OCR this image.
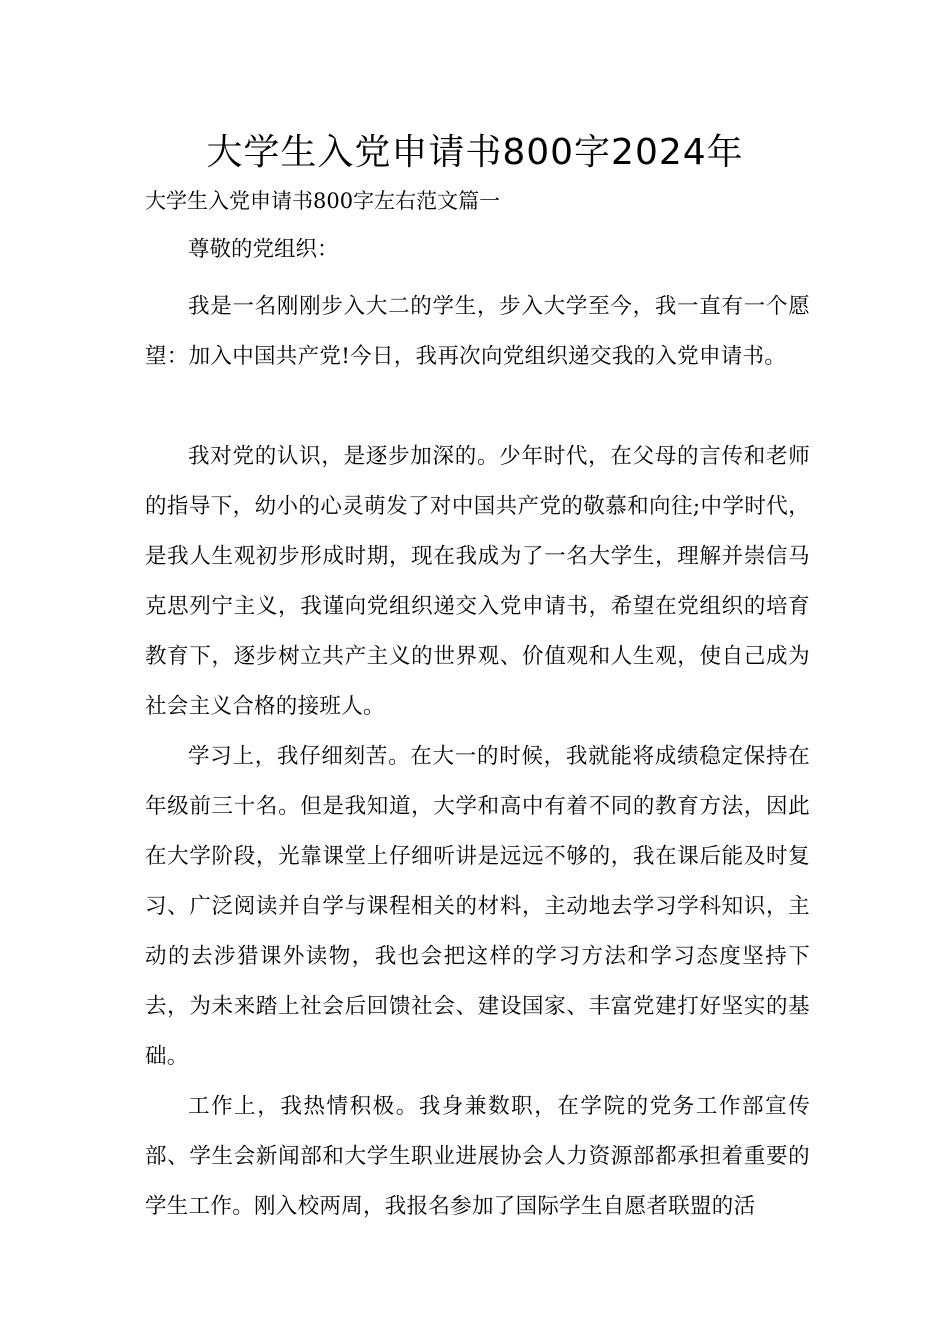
大学生入党申请书800字2024年

大学生入党申请书800字左右范文篇一

尊敬的党组织：

我是一名刚刚步入大二的学生，步入大学至今，我一直有一个愿望：加入中国共产党!今日，我再次向党组织递交我的入党申请书。

我对党的认识，是逐步加深的。少年时代，在父母的言传和老师的指导下，幼小的心灵萌发了对中国共产党的敬慕和向往;中学时代，是我人生观初步形成时期，现在我成为了一名大学生，理解并崇信马克思列宁主义，我谨向党组织递交入党申请书，希望在党组织的培育教育下，逐步树立共产主义的世界观、价值观和人生观，使自己成为社会主义合格的接班人。

学习上，我仔细刻苦。在大一的时候，我就能将成绩稳定保持在年级前三十名。但是我知道，大学和高中有着不同的教育方法，因此在大学阶段，光靠课堂上仔细听讲是远远不够的，我在课后能及时复习、广泛阅读并自学与课程相关的材料，主动地去学习学科知识，主动的去涉猎课外读物，我也会把这样的学习方法和学习态度坚持下去，为未来踏上社会后回馈社会、建设国家、丰富党建打好坚实的基础。

工作上，我热情积极。我身兼数职，在学院的党务工作部宣传部、学生会新闻部和大学生职业进展协会人力资源部都承担着重要的学生工作。刚入校两周，我报名参加了国际学生自愿者联盟的活
